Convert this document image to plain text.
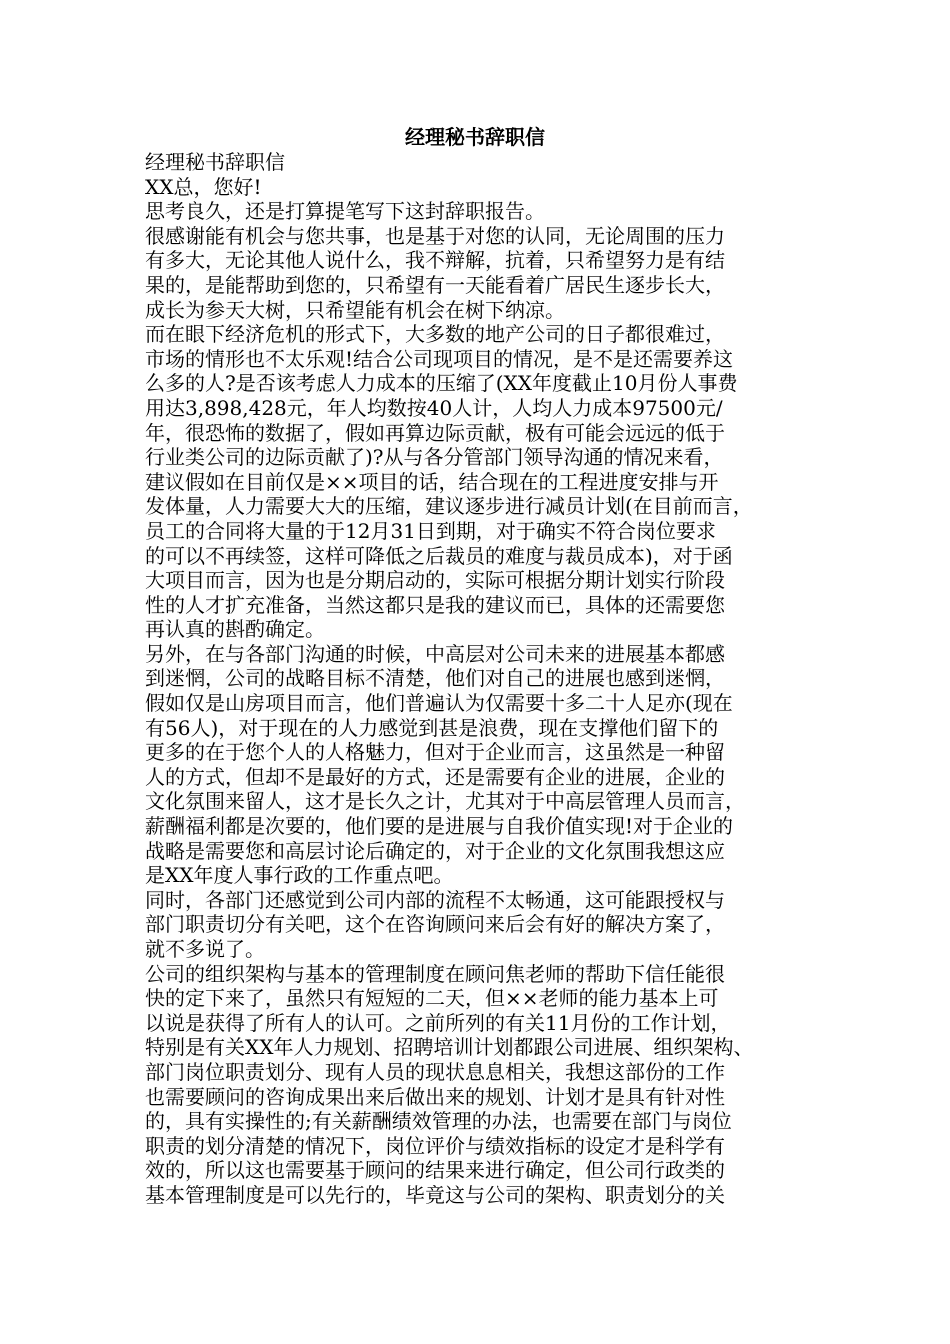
经理秘书辞职信
经理秘书辞职信
XX总，您好!
思考良久，还是打算提笔写下这封辞职报告。
很感谢能有机会与您共事，也是基于对您的认同，无论周围的压力
有多大，无论其他人说什么，我不辩解，抗着，只希望努力是有结
果的，是能帮助到您的，只希望有一天能看着广居民生逐步长大，
成长为参天大树，只希望能有机会在树下纳凉。
而在眼下经济危机的形式下，大多数的地产公司的日子都很难过，
市场的情形也不太乐观!结合公司现项目的情况，是不是还需要养这
么多的人?是否该考虑人力成本的压缩了(XX年度截止10月份人事费
用达3,898,428元，年人均数按40人计，人均人力成本97500元/
年，很恐怖的数据了，假如再算边际贡献，极有可能会远远的低于
行业类公司的边际贡献了)?从与各分管部门领导沟通的情况来看，
建议假如在目前仅是××项目的话，结合现在的工程进度安排与开
发体量，人力需要大大的压缩，建议逐步进行减员计划(在目前而言，
员工的合同将大量的于12月31日到期，对于确实不符合岗位要求
的可以不再续签，这样可降低之后裁员的难度与裁员成本)，对于函
大项目而言，因为也是分期启动的，实际可根据分期计划实行阶段
性的人才扩充准备，当然这都只是我的建议而已，具体的还需要您
再认真的斟酌确定。
另外，在与各部门沟通的时候，中高层对公司未来的进展基本都感
到迷惘，公司的战略目标不清楚，他们对自己的进展也感到迷惘，
假如仅是山房项目而言，他们普遍认为仅需要十多二十人足亦(现在
有56人)，对于现在的人力感觉到甚是浪费，现在支撑他们留下的
更多的在于您个人的人格魅力，但对于企业而言，这虽然是一种留
人的方式，但却不是最好的方式，还是需要有企业的进展，企业的
文化氛围来留人，这才是长久之计，尤其对于中高层管理人员而言，
薪酬福利都是次要的，他们要的是进展与自我价值实现!对于企业的
战略是需要您和高层讨论后确定的，对于企业的文化氛围我想这应
是XX年度人事行政的工作重点吧。
同时，各部门还感觉到公司内部的流程不太畅通，这可能跟授权与
部门职责切分有关吧，这个在咨询顾问来后会有好的解决方案了，
就不多说了。
公司的组织架构与基本的管理制度在顾问焦老师的帮助下信任能很
快的定下来了，虽然只有短短的二天，但××老师的能力基本上可
以说是获得了所有人的认可。之前所列的有关11月份的工作计划，
特别是有关XX年人力规划、招聘培训计划都跟公司进展、组织架构、
部门岗位职责划分、现有人员的现状息息相关，我想这部份的工作
也需要顾问的咨询成果出来后做出来的规划、计划才是具有针对性
的，具有实操性的;有关薪酬绩效管理的办法，也需要在部门与岗位
职责的划分清楚的情况下，岗位评价与绩效指标的设定才是科学有
效的，所以这也需要基于顾问的结果来进行确定，但公司行政类的
基本管理制度是可以先行的，毕竟这与公司的架构、职责划分的关
